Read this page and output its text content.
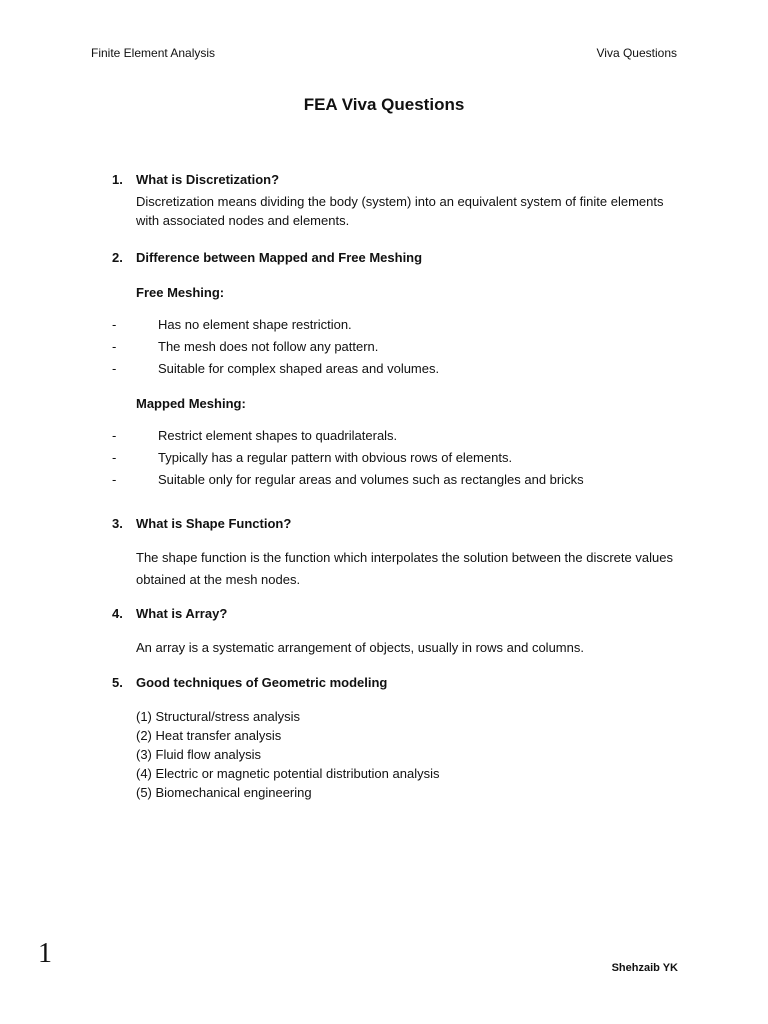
Finite Element Analysis	Viva Questions
FEA Viva Questions
1.	What is Discretization?
Discretization means dividing the body (system) into an equivalent system of finite elements with associated nodes and elements.
2.	Difference between Mapped and Free Meshing
Free Meshing:
-	Has no element shape restriction.
-	The mesh does not follow any pattern.
-	Suitable for complex shaped areas and volumes.
Mapped Meshing:
-	Restrict element shapes to quadrilaterals.
-	Typically has a regular pattern with obvious rows of elements.
-	Suitable only for regular areas and volumes such as rectangles and bricks
3.	What is Shape Function?
The shape function is the function which interpolates the solution between the discrete values obtained at the mesh nodes.
4.	What is Array?
An array is a systematic arrangement of objects, usually in rows and columns.
5.	Good techniques of Geometric modeling
(1) Structural/stress analysis
(2) Heat transfer analysis
(3) Fluid flow analysis
(4) Electric or magnetic potential distribution analysis
(5) Biomechanical engineering
1	Shehzaib YK
